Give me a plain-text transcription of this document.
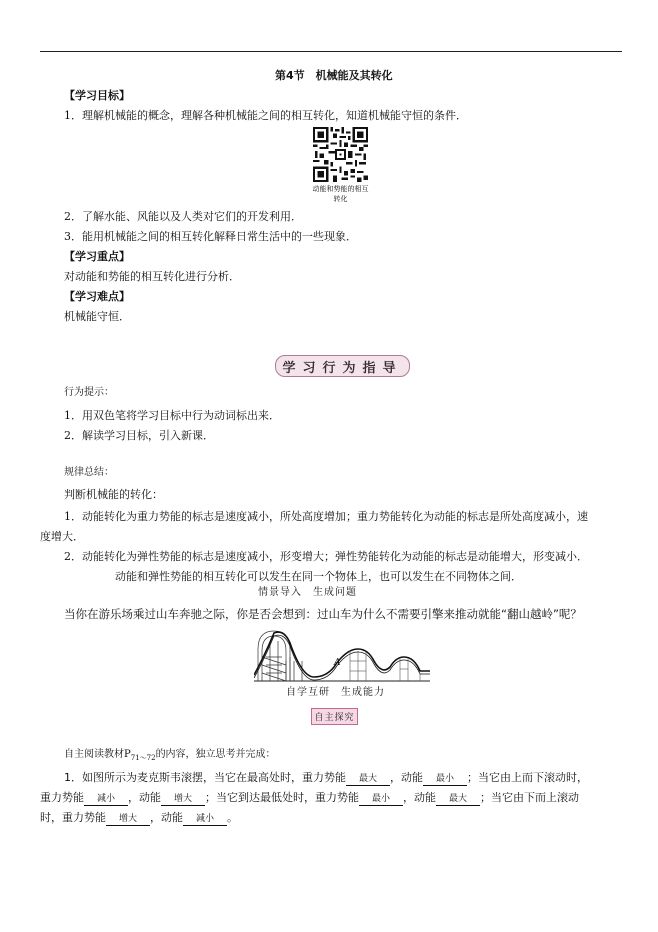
第4节　机械能及其转化
【学习目标】
1．理解机械能的概念，理解各种机械能之间的相互转化，知道机械能守恒的条件．
动能和势能的相互转化
2．了解水能、风能以及人类对它们的开发利用．
3．能用机械能之间的相互转化解释日常生活中的一些现象．
【学习重点】
对动能和势能的相互转化进行分析．
【学习难点】
机械能守恒．
学习行为指导
行为提示：
1．用双色笔将学习目标中行为动词标出来．
2．解读学习目标，引入新课．
规律总结：
判断机械能的转化：
1．动能转化为重力势能的标志是速度减小，所处高度增加；重力势能转化为动能的标志是所处高度减小，速
度增大．
2．动能转化为弹性势能的标志是速度减小，形变增大；弹性势能转化为动能的标志是动能增大，形变减小．
动能和弹性势能的相互转化可以发生在同一个物体上，也可以发生在不同物体之间．
情景导入　生成问题
当你在游乐场乘过山车奔驰之际，你是否会想到：过山车为什么不需要引擎来推动就能“翻山越岭”呢？
A
自学互研　生成能力
自主探究
自主阅读教材$P_{71\sim 72}$的内容，独立思考并完成：
1．如图所示为麦克斯韦滚摆，当它在最高处时，重力势能 最大 ，动能 最小 ；当它由上而下滚动时，
重力势能 减小 ，动能 增大 ；当它到达最低处时，重力势能 最小 ，动能 最大 ；当它由下而上滚动
时，重力势能 增大 ，动能 减小 。
